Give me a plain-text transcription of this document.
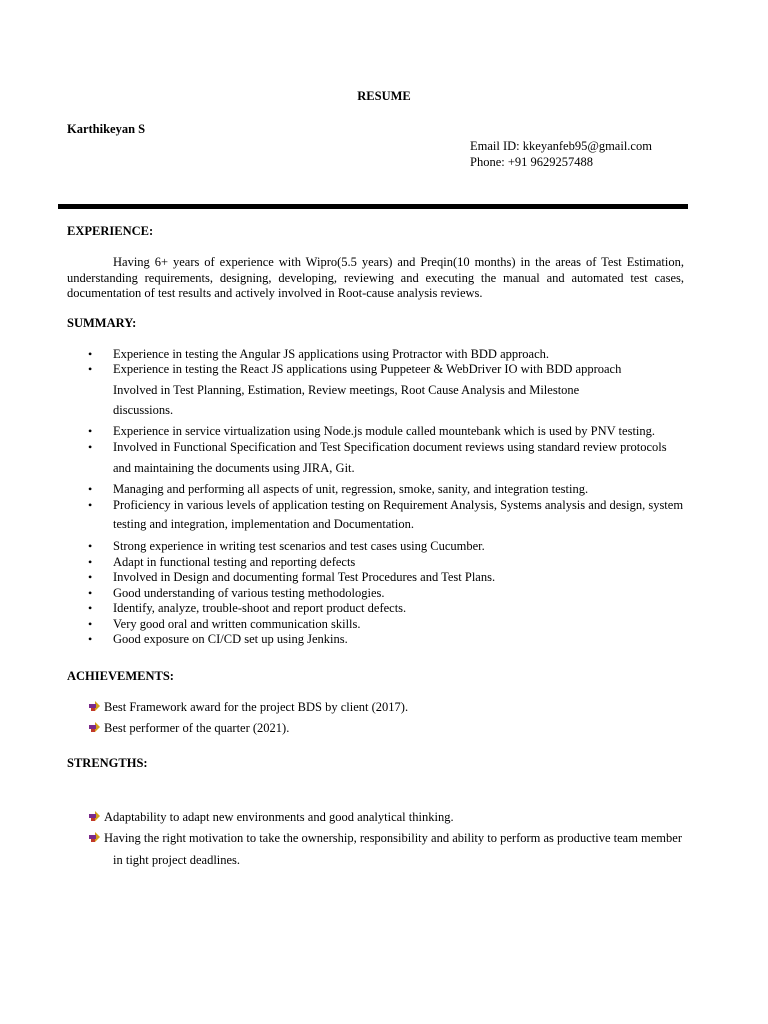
RESUME
Karthikeyan S
Email ID: kkeyanfeb95@gmail.com
Phone: +91 9629257488
EXPERIENCE:
Having 6+ years of experience with Wipro(5.5 years) and Preqin(10 months) in the areas of Test Estimation, understanding requirements, designing, developing, reviewing and executing the manual and automated test cases, documentation of test results and actively involved in Root-cause analysis reviews.
SUMMARY:
• Experience in testing the Angular JS applications using Protractor with BDD approach.
• Experience in testing the React JS applications using Puppeteer & WebDriver IO with BDD approach
Involved in Test Planning, Estimation, Review meetings, Root Cause Analysis and Milestone
discussions.
• Experience in service virtualization using Node.js module called mountebank which is used by PNV testing.
• Involved in Functional Specification and Test Specification document reviews using standard review protocols
and maintaining the documents using JIRA, Git.
• Managing and performing all aspects of unit, regression, smoke, sanity, and integration testing.
• Proficiency in various levels of application testing on Requirement Analysis, Systems analysis and design, system
testing and integration, implementation and Documentation.
• Strong experience in writing test scenarios and test cases using Cucumber.
• Adapt in functional testing and reporting defects
• Involved in Design and documenting formal Test Procedures and Test Plans.
• Good understanding of various testing methodologies.
• Identify, analyze, trouble-shoot and report product defects.
• Very good oral and written communication skills.
• Good exposure on CI/CD set up using Jenkins.
ACHIEVEMENTS:
Best Framework award for the project BDS by client (2017).
Best performer of the quarter (2021).
STRENGTHS:
Adaptability to adapt new environments and good analytical thinking.
Having the right motivation to take the ownership, responsibility and ability to perform as productive team member
in tight project deadlines.
